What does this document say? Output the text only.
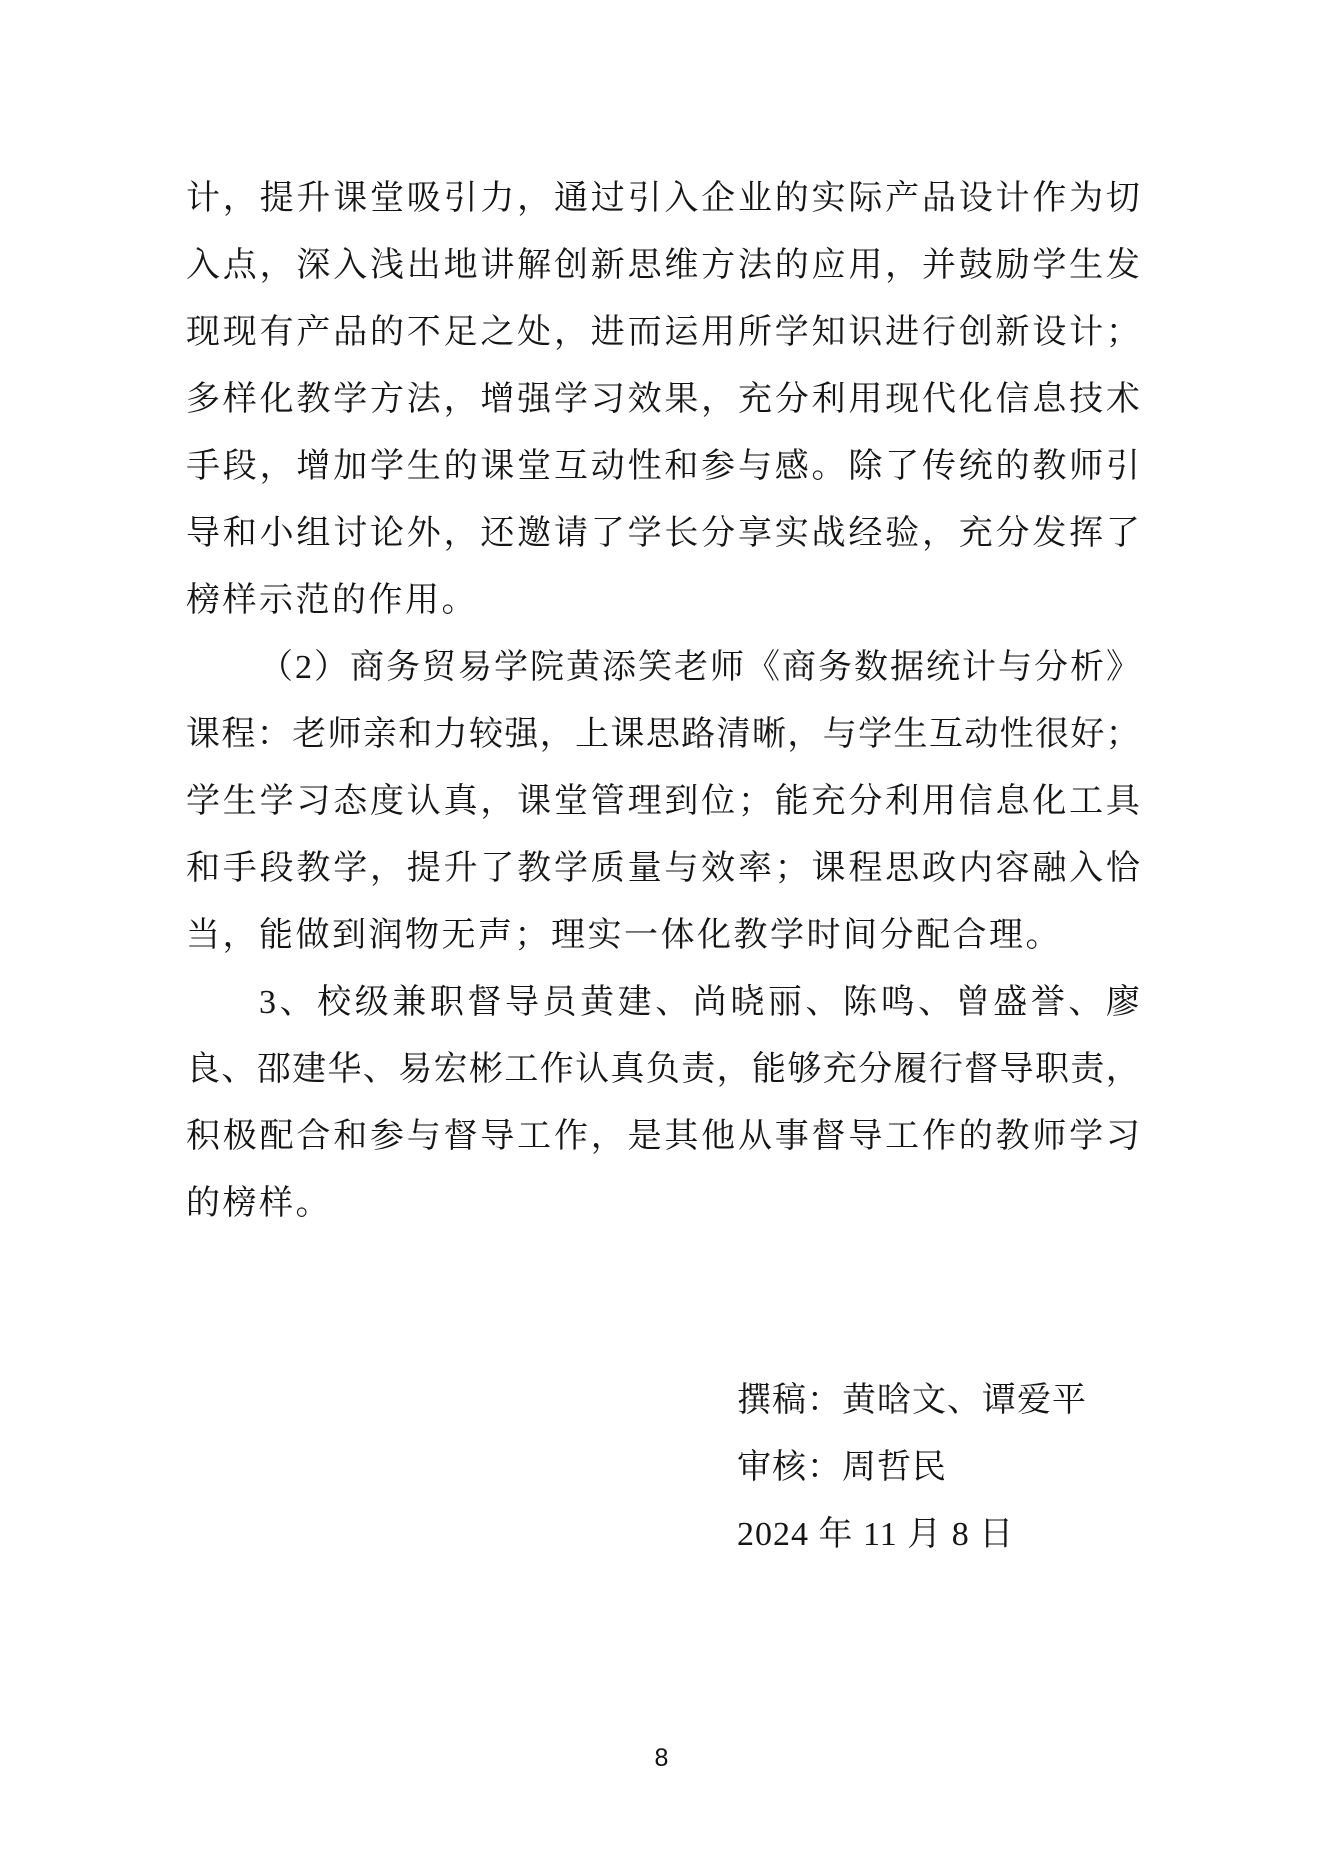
计 ， 提 升 课 堂 吸 引 力 ， 通 过 引 入 企 业 的 实 际 产 品 设 计 作 为 切
入 点 ， 深 入 浅 出 地 讲 解 创 新 思 维 方 法 的 应 用 ， 并 鼓 励 学 生 发
现 现 有 产 品 的 不 足 之 处 ， 进 而 运 用 所 学 知 识 进 行 创 新 设 计 ；
多 样 化 教 学 方 法 ， 增 强 学 习 效 果 ， 充 分 利 用 现 代 化 信 息 技 术
手 段 ， 增 加 学 生 的 课 堂 互 动 性 和 参 与 感 。 除 了 传 统 的 教 师 引
导 和 小 组 讨 论 外 ， 还 邀 请 了 学 长 分 享 实 战 经 验 ， 充 分 发 挥 了
榜样示范的作用。
（ 2 ） 商 务 贸 易 学 院 黄 添 笑 老 师 《 商 务 数 据 统 计 与 分 析 》
课 程 ： 老 师 亲 和 力 较 强 ， 上 课 思 路 清 晰 ， 与 学 生 互 动 性 很 好 ；
学 生 学 习 态 度 认 真 ， 课 堂 管 理 到 位 ； 能 充 分 利 用 信 息 化 工 具
和 手 段 教 学 ， 提 升 了 教 学 质 量 与 效 率 ； 课 程 思 政 内 容 融 入 恰
当，能做到润物无声；理实一体化教学时间分配合理。
3 、 校 级 兼 职 督 导 员 黄 建 、 尚 晓 丽 、 陈 鸣 、 曾 盛 誉 、 廖
良 、 邵 建 华 、 易 宏 彬 工 作 认 真 负 责 ， 能 够 充 分 履 行 督 导 职 责 ，
积 极 配 合 和 参 与 督 导 工 作 ， 是 其 他 从 事 督 导 工 作 的 教 师 学 习
的榜样。
撰稿：黄晗文、谭爱平
审核：周哲民
2024 年 11 月 8 日
8
